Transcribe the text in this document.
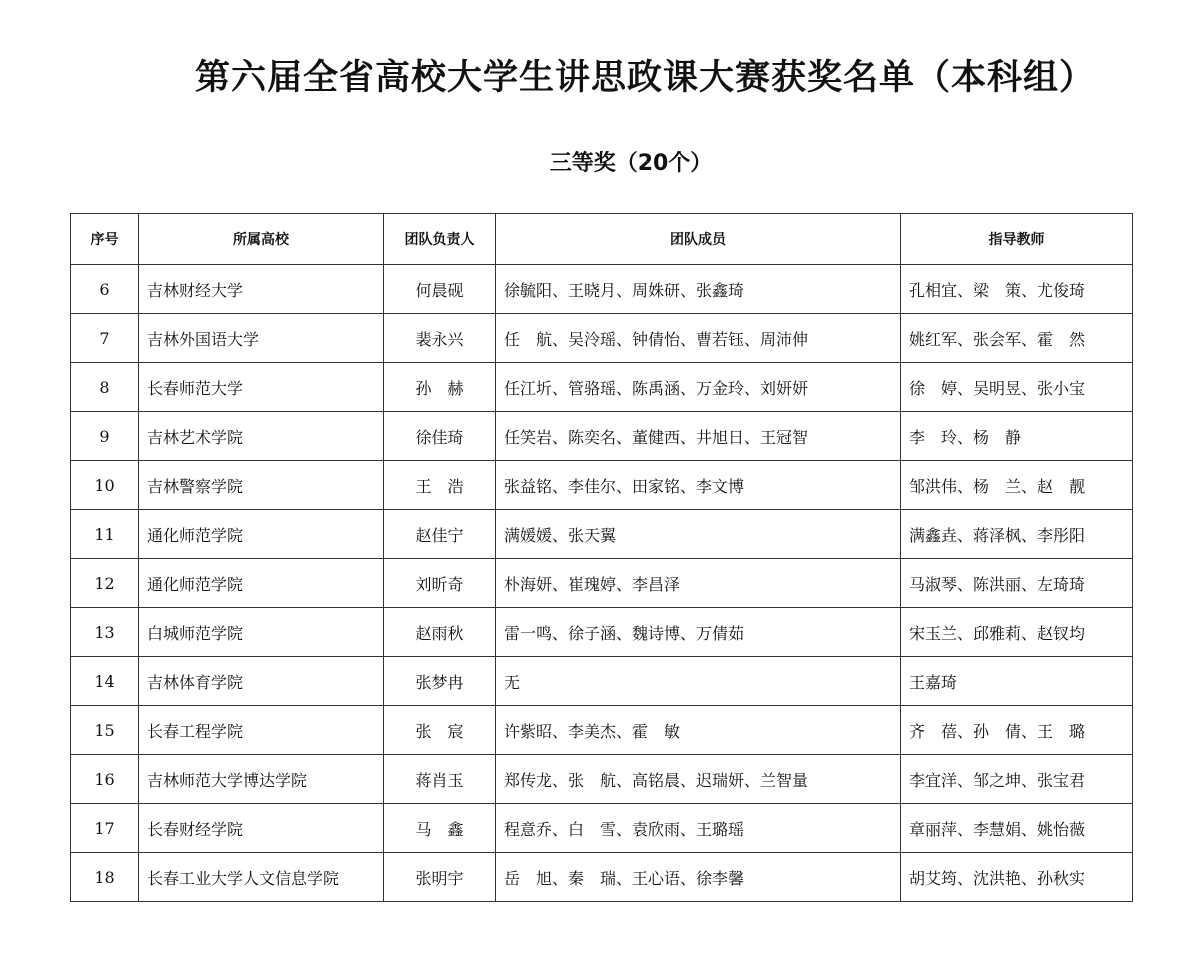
第六届全省高校大学生讲思政课大赛获奖名单（本科组）
三等奖（20个）
序号	所属高校	团队负责人	团队成员	指导教师
6	吉林财经大学	何晨砚	徐毓阳、王晓月、周姝研、张鑫琦	孔相宜、梁　策、尤俊琦
7	吉林外国语大学	裴永兴	任　航、吴泠瑶、钟倩怡、曹若钰、周沛伸	姚红军、张会军、霍　然
8	长春师范大学	孙　赫	任江圻、管骆瑶、陈禹涵、万金玲、刘妍妍	徐　婷、吴明昱、张小宝
9	吉林艺术学院	徐佳琦	任笑岩、陈奕名、董健西、井旭日、王冠智	李　玲、杨　静
10	吉林警察学院	王　浩	张益铭、李佳尔、田家铭、李文博	邹洪伟、杨　兰、赵　靓
11	通化师范学院	赵佳宁	满媛媛、张天翼	满鑫垚、蒋泽枫、李彤阳
12	通化师范学院	刘昕奇	朴海妍、崔瑰婷、李昌泽	马淑琴、陈洪丽、左琦琦
13	白城师范学院	赵雨秋	雷一鸣、徐子涵、魏诗博、万倩茹	宋玉兰、邱雅莉、赵钗均
14	吉林体育学院	张梦冉	无	王嘉琦
15	长春工程学院	张　宸	许紫昭、李美杰、霍　敏	齐　蓓、孙　倩、王　璐
16	吉林师范大学博达学院	蒋肖玉	郑传龙、张　航、高铭晨、迟瑞妍、兰智量	李宜洋、邹之坤、张宝君
17	长春财经学院	马　鑫	程意乔、白　雪、袁欣雨、王璐瑶	章丽萍、李慧娟、姚怡薇
18	长春工业大学人文信息学院	张明宇	岳　旭、秦　瑞、王心语、徐李馨	胡艾筠、沈洪艳、孙秋实
